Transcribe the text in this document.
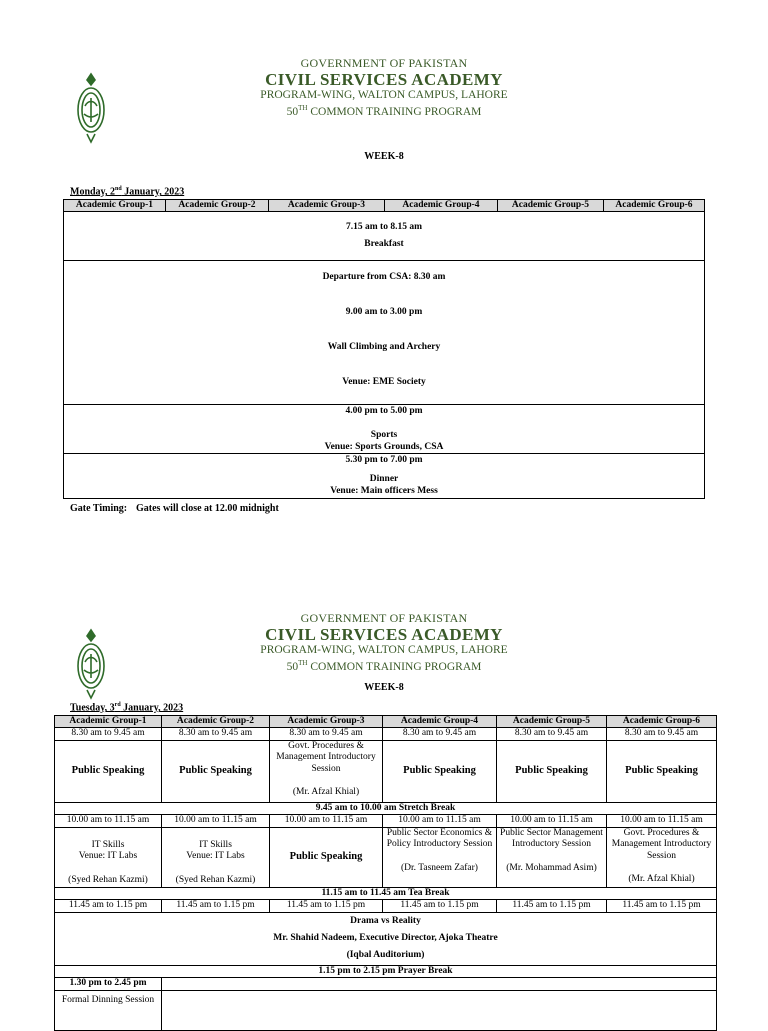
GOVERNMENT OF PAKISTAN
CIVIL SERVICES ACADEMY
PROGRAM-WING, WALTON CAMPUS, LAHORE
50TH COMMON TRAINING PROGRAM
WEEK-8
Monday, 2nd January, 2023
Academic Group-1	Academic Group-2	Academic Group-3	Academic Group-4	Academic Group-5	Academic Group-6

7.15 am to 8.15 am
Breakfast

Departure from CSA: 8.30 am
9.00 am to 3.00 pm
Wall Climbing and Archery
Venue: EME Society

4.00 pm to 5.00 pm
Sports
Venue: Sports Grounds, CSA

5.30 pm to 7.00 pm
Dinner
Venue: Main officers Mess
Gate Timing: Gates will close at 12.00 midnight
GOVERNMENT OF PAKISTAN
CIVIL SERVICES ACADEMY
PROGRAM-WING, WALTON CAMPUS, LAHORE
50TH COMMON TRAINING PROGRAM
WEEK-8
Tuesday, 3rd January, 2023
Academic Group-1	Academic Group-2	Academic Group-3	Academic Group-4	Academic Group-5	Academic Group-6
8.30 am to 9.45 am	8.30 am to 9.45 am	8.30 am to 9.45 am	8.30 am to 9.45 am	8.30 am to 9.45 am	8.30 am to 9.45 am
Public Speaking	Public Speaking	Govt. Procedures & Management Introductory Session
(Mr. Afzal Khial)	Public Speaking	Public Speaking	Public Speaking
9.45 am to 10.00 am Stretch Break					
10.00 am to 11.15 am	10.00 am to 11.15 am	10.00 am to 11.15 am	10.00 am to 11.15 am	10.00 am to 11.15 am	10.00 am to 11.15 am

IT Skills
Venue: IT Labs
(Syed Rehan Kazmi)	IT Skills
Venue: IT Labs
(Syed Rehan Kazmi)	Public Speaking	Public Sector Economics & Policy Introductory Session
(Dr. Tasneem Zafar)	Public Sector Management Introductory Session
(Mr. Mohammad Asim)	Govt. Procedures & Management Introductory Session
(Mr. Afzal Khial)

11.15 am to 11.45 am Tea Break					
11.45 am to 1.15 pm	11.45 am to 1.15 pm	11.45 am to 1.15 pm	11.45 am to 1.15 pm	11.45 am to 1.15 pm	11.45 am to 1.15 pm

Drama vs Reality
Mr. Shahid Nadeem, Executive Director, Ajoka Theatre
(Iqbal Auditorium)					

1.15 pm to 2.15 pm Prayer Break					
1.30 pm to 2.45 pm					
Formal Dinning Session					
